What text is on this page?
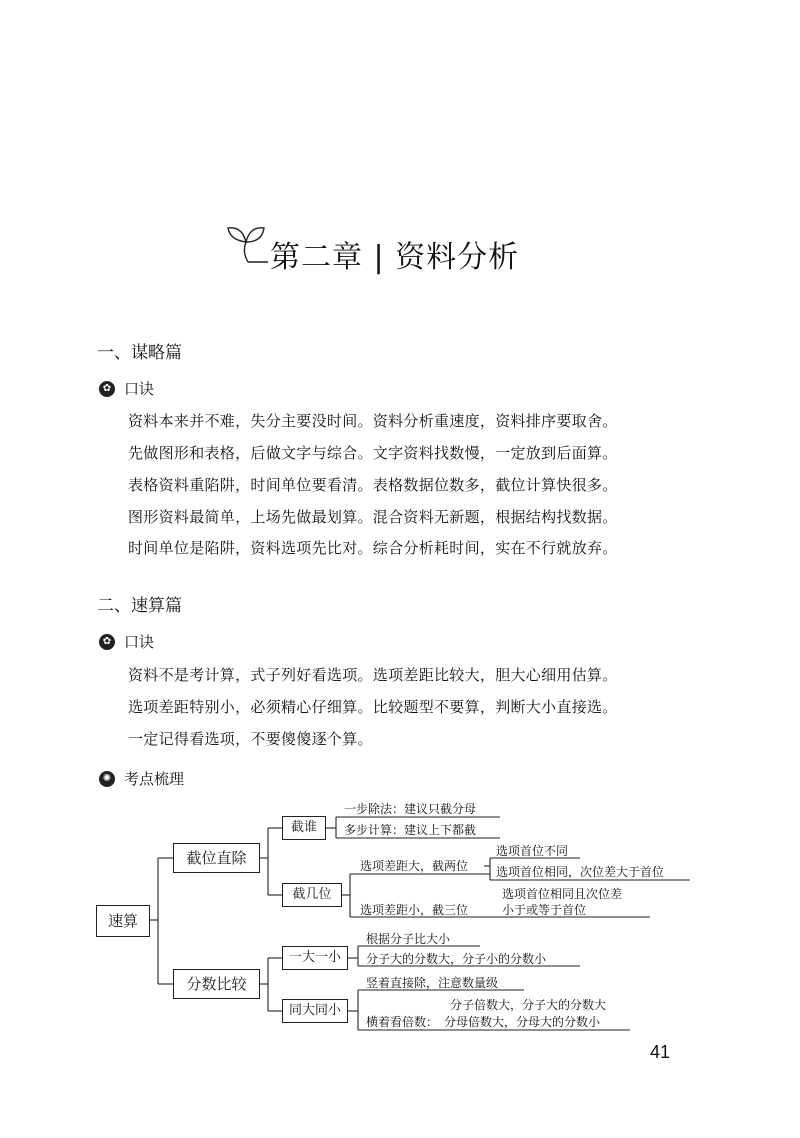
第二章 | 资料分析
一、谋略篇
✿ 口诀
资料本来并不难，失分主要没时间。资料分析重速度，资料排序要取舍。
先做图形和表格，后做文字与综合。文字资料找数慢，一定放到后面算。
表格资料重陷阱，时间单位要看清。表格数据位数多，截位计算快很多。
图形资料最简单，上场先做最划算。混合资料无新题，根据结构找数据。
时间单位是陷阱，资料选项先比对。综合分析耗时间，实在不行就放弃。
二、速算篇
✿ 口诀
资料不是考计算，式子列好看选项。选项差距比较大，胆大心细用估算。
选项差距特别小，必须精心仔细算。比较题型不要算，判断大小直接选。
一定记得看选项，不要傻傻逐个算。
✺ 考点梳理
速算
截位直除
分数比较
截谁
截几位
一大一小
同大同小
一步除法：建议只截分母
多步计算：建议上下都截
选项差距大，截两位
选项首位不同
选项首位相同，次位差大于首位
选项差距小，截三位
选项首位相同且次位差
小于或等于首位
根据分子比大小
分子大的分数大，分子小的分数小
竖着直接除，注意数量级
分子倍数大，分子大的分数大
横着看倍数： 分母倍数大，分母大的分数小
41
